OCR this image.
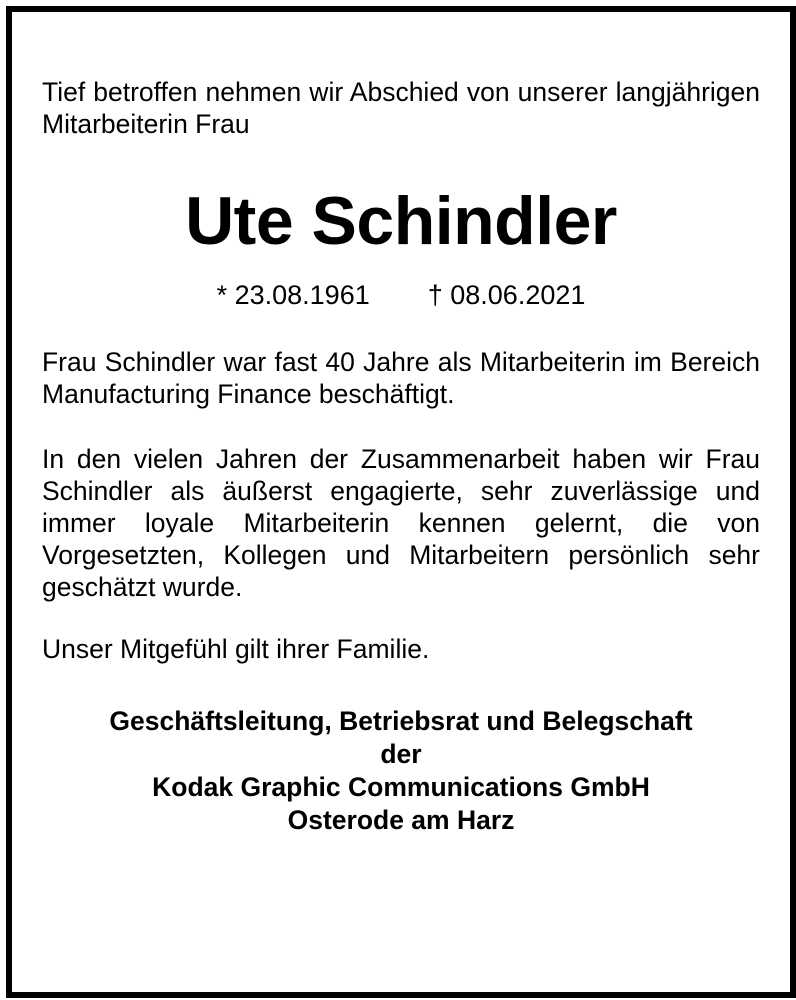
Tief betroffen nehmen wir Abschied von unserer langjährigen Mitarbeiterin Frau

Ute Schindler
* 23.08.1961 † 08.06.2021

Frau Schindler war fast 40 Jahre als Mitarbeiterin im Bereich Manufacturing Finance beschäftigt.

In den vielen Jahren der Zusammenarbeit haben wir Frau Schindler als äußerst engagierte, sehr zuverlässige und immer loyale Mitarbeiterin kennen gelernt, die von Vorgesetzten, Kollegen und Mitarbeitern persönlich sehr geschätzt wurde.

Unser Mitgefühl gilt ihrer Familie.

Geschäftsleitung, Betriebsrat und Belegschaft
der
Kodak Graphic Communications GmbH
Osterode am Harz
